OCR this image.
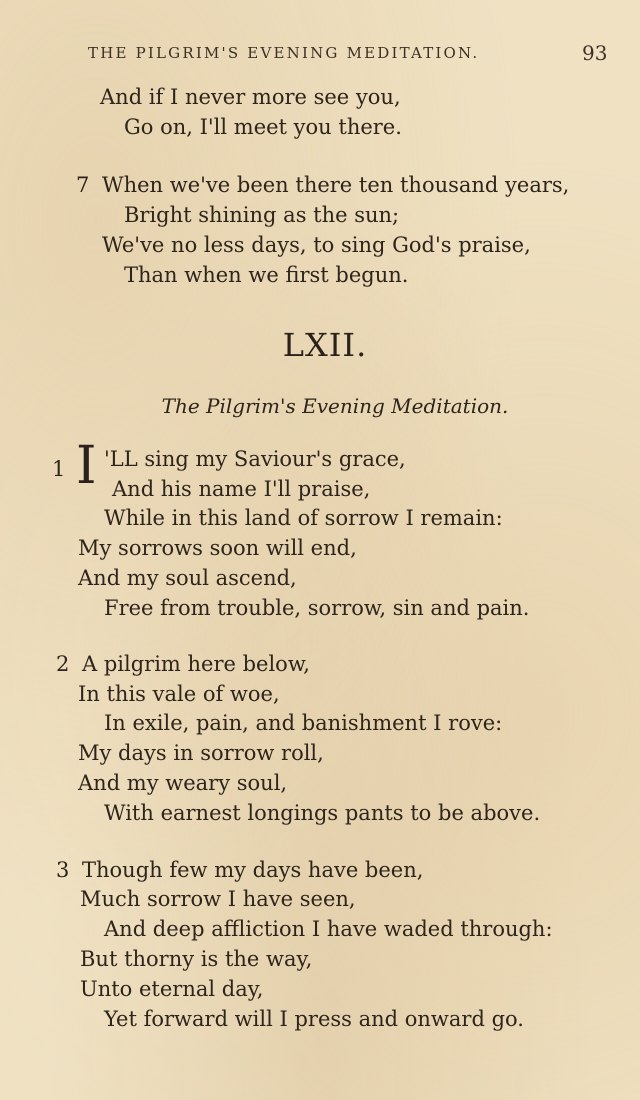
THE PILGRIM'S EVENING MEDITATION.	93
And if I never more see you,
Go on, I'll meet you there.
7 When we've been there ten thousand years,
Bright shining as the sun;
We've no less days, to sing God's praise,
Than when we first begun.
LXII.
The Pilgrim's Evening Meditation.
1 I 'LL sing my Saviour's grace,
And his name I'll praise,
While in this land of sorrow I remain:
My sorrows soon will end,
And my soul ascend,
Free from trouble, sorrow, sin and pain.
2 A pilgrim here below,
In this vale of woe,
In exile, pain, and banishment I rove:
My days in sorrow roll,
And my weary soul,
With earnest longings pants to be above.
3 Though few my days have been,
Much sorrow I have seen,
And deep affliction I have waded through:
But thorny is the way,
Unto eternal day,
Yet forward will I press and onward go.
